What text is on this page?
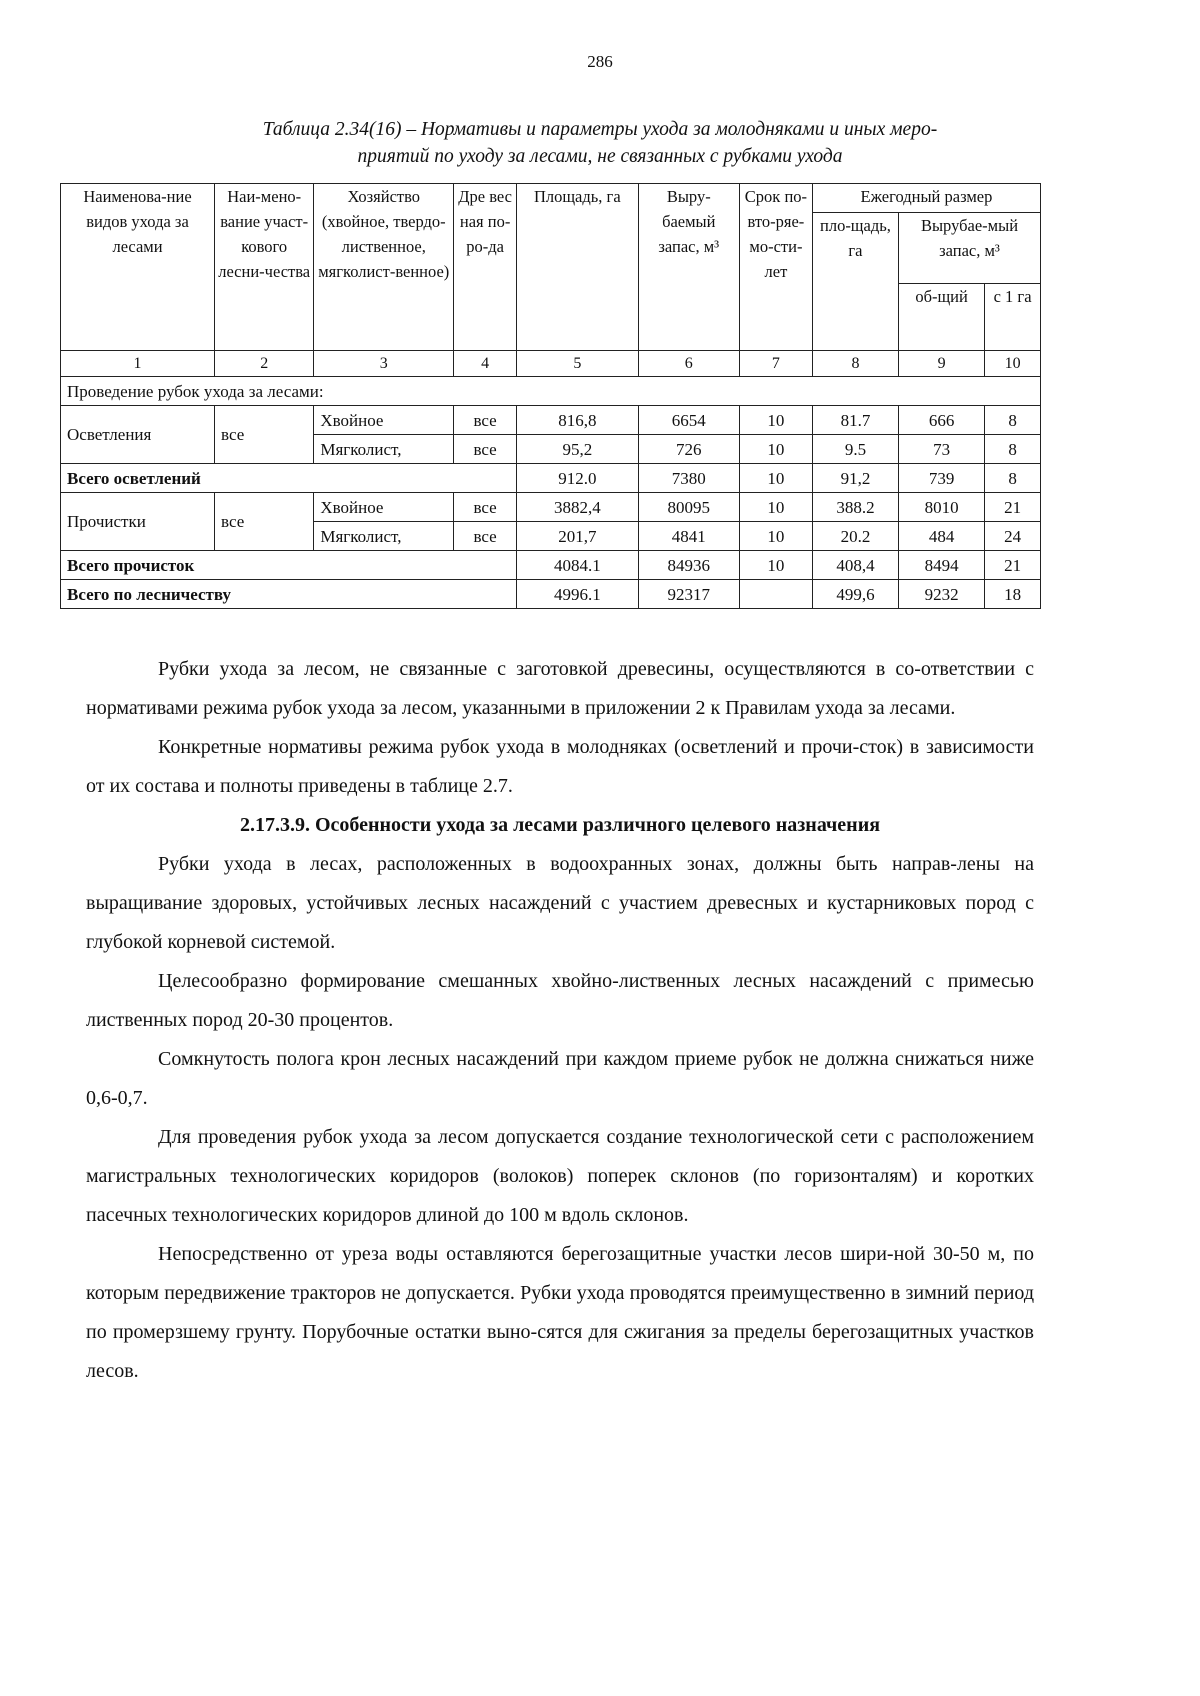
286
Таблица 2.34(16) – Нормативы и параметры ухода за молодняками и иных меро-
приятий по уходу за лесами, не связанных с рубками ухода
Наименова-ние видов ухода за лесами	Наи-мено-вание участ-кового лесни-чества	Хозяйство (хвойное, твердо-лиственное, мягколист-венное)	Дре вес ная по-ро-да	Площадь, га	Выру-баемый запас, м³	Срок по-вто-ряе-мо-сти-лет	Ежегодный размер		
							пло-щадь, га	Вырубае-мый запас, м³	
								об-щий	с 1 га
1	2	3	4	5	6	7	8	9	10
Проведение рубок ухода за лесами:									
Осветления	все	Хвойное	все	816,8	6654	10	81.7	666	8
		Мягколист,	все	95,2	726	10	9.5	73	8
Всего осветлений				912.0	7380	10	91,2	739	8
Прочистки	все	Хвойное	все	3882,4	80095	10	388.2	8010	21
		Мягколист,	все	201,7	4841	10	20.2	484	24
Всего прочисток				4084.1	84936	10	408,4	8494	21
Всего по лесничеству				4996.1	92317		499,6	9232	18

Рубки ухода за лесом, не связанные с заготовкой древесины, осуществляются в со-ответствии с нормативами режима рубок ухода за лесом, указанными в приложении 2 к Правилам ухода за лесами.

Конкретные нормативы режима рубок ухода в молодняках (осветлений и прочи-сток) в зависимости от их состава и полноты приведены в таблице 2.7.

2.17.3.9. Особенности ухода за лесами различного целевого назначения

Рубки ухода в лесах, расположенных в водоохранных зонах, должны быть направ-лены на выращивание здоровых, устойчивых лесных насаждений с участием древесных и кустарниковых пород с глубокой корневой системой.

Целесообразно формирование смешанных хвойно-лиственных лесных насаждений с примесью лиственных пород 20-30 процентов.

Сомкнутость полога крон лесных насаждений при каждом приеме рубок не должна снижаться ниже 0,6-0,7.

Для проведения рубок ухода за лесом допускается создание технологической сети с расположением магистральных технологических коридоров (волоков) поперек склонов (по горизонталям) и коротких пасечных технологических коридоров длиной до 100 м вдоль склонов.

Непосредственно от уреза воды оставляются берегозащитные участки лесов шири-ной 30-50 м, по которым передвижение тракторов не допускается. Рубки ухода проводятся преимущественно в зимний период по промерзшему грунту. Порубочные остатки выно-сятся для сжигания за пределы берегозащитных участков лесов.
